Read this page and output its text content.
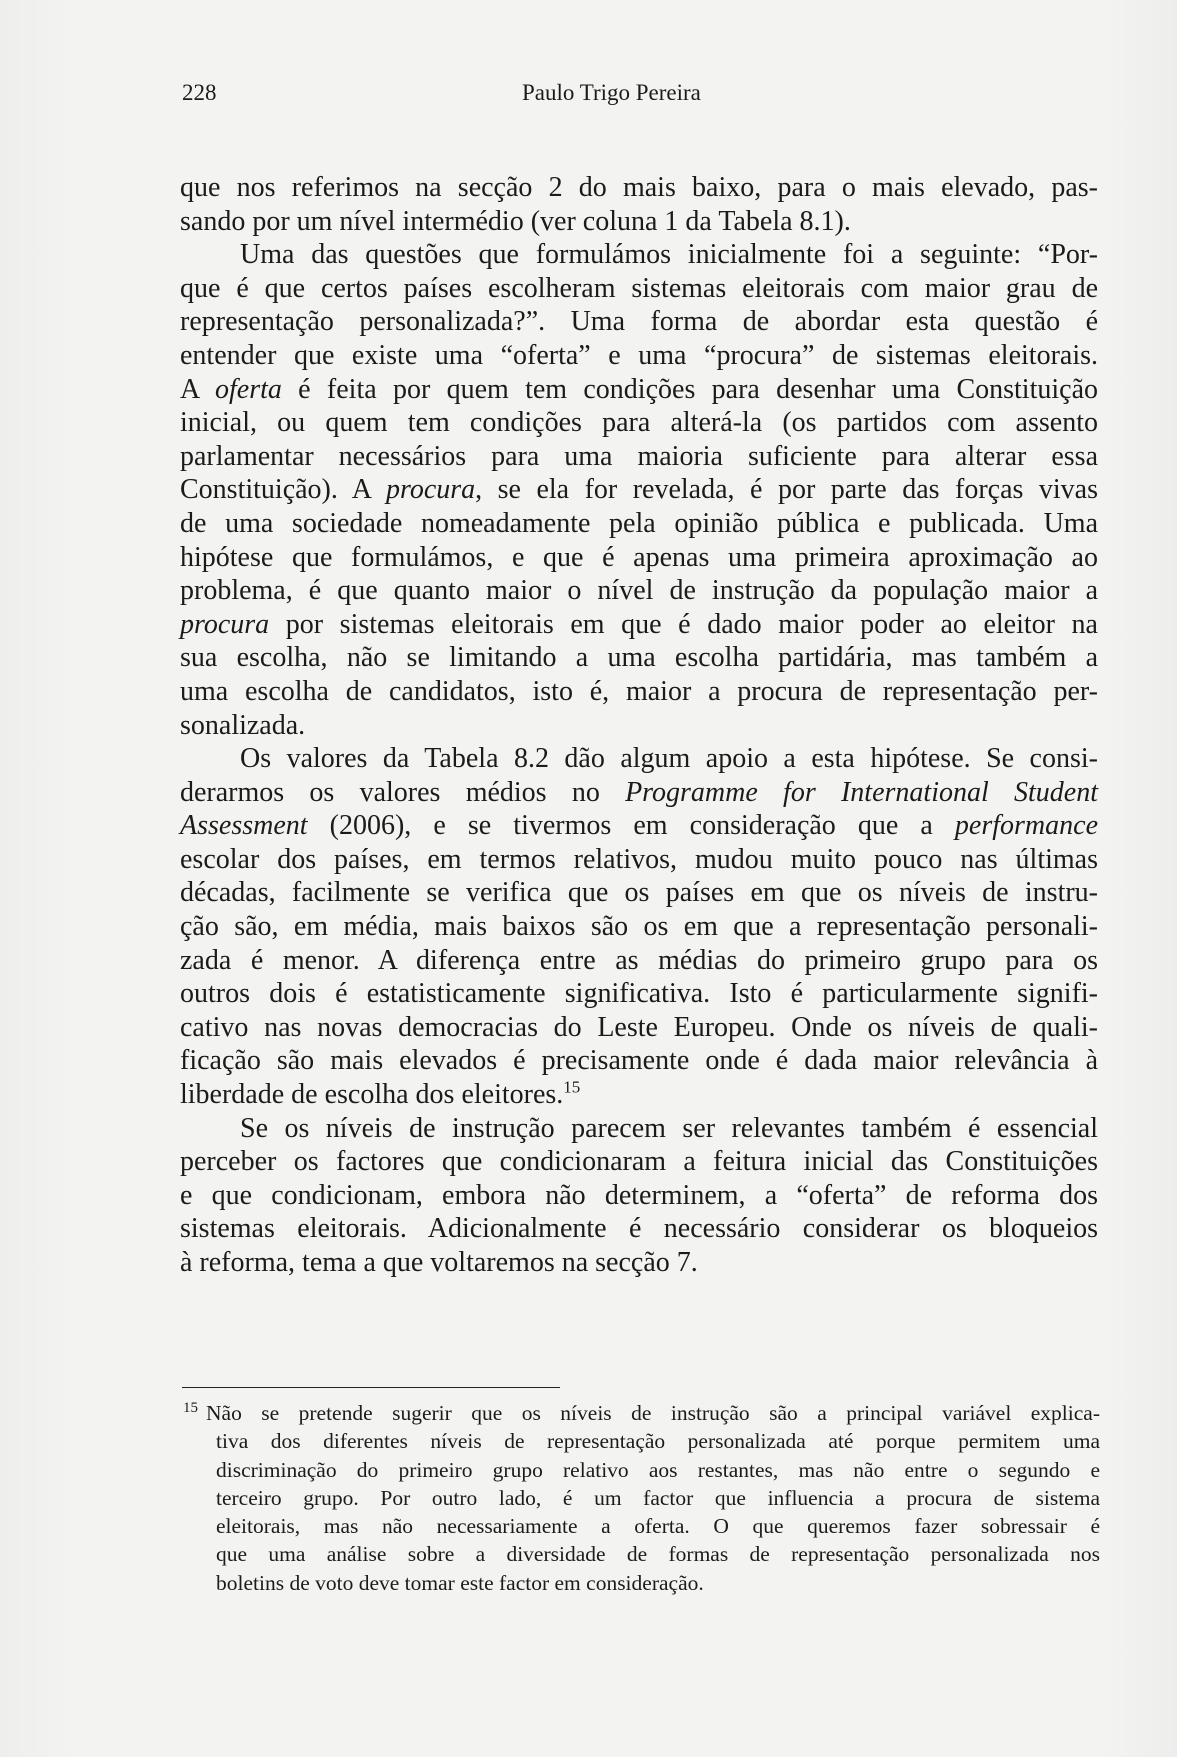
228	Paulo Trigo Pereira
que nos referimos na secção 2 do mais baixo, para o mais elevado, pas-
sando por um nível intermédio (ver coluna 1 da Tabela 8.1).
Uma das questões que formulámos inicialmente foi a seguinte: “Por-
que é que certos países escolheram sistemas eleitorais com maior grau de
representação personalizada?”. Uma forma de abordar esta questão é
entender que existe uma “oferta” e uma “procura” de sistemas eleitorais.
A oferta é feita por quem tem condições para desenhar uma Constituição
inicial, ou quem tem condições para alterá-la (os partidos com assento
parlamentar necessários para uma maioria suficiente para alterar essa
Constituição). A procura, se ela for revelada, é por parte das forças vivas
de uma sociedade nomeadamente pela opinião pública e publicada. Uma
hipótese que formulámos, e que é apenas uma primeira aproximação ao
problema, é que quanto maior o nível de instrução da população maior a
procura por sistemas eleitorais em que é dado maior poder ao eleitor na
sua escolha, não se limitando a uma escolha partidária, mas também a
uma escolha de candidatos, isto é, maior a procura de representação per-
sonalizada.
Os valores da Tabela 8.2 dão algum apoio a esta hipótese. Se consi-
derarmos os valores médios no Programme for International Student
Assessment (2006), e se tivermos em consideração que a performance
escolar dos países, em termos relativos, mudou muito pouco nas últimas
décadas, facilmente se verifica que os países em que os níveis de instru-
ção são, em média, mais baixos são os em que a representação personali-
zada é menor. A diferença entre as médias do primeiro grupo para os
outros dois é estatisticamente significativa. Isto é particularmente signifi-
cativo nas novas democracias do Leste Europeu. Onde os níveis de quali-
ficação são mais elevados é precisamente onde é dada maior relevância à
liberdade de escolha dos eleitores.$^{15}$
Se os níveis de instrução parecem ser relevantes também é essencial
perceber os factores que condicionaram a feitura inicial das Constituições
e que condicionam, embora não determinem, a “oferta” de reforma dos
sistemas eleitorais. Adicionalmente é necessário considerar os bloqueios
à reforma, tema a que voltaremos na secção 7.
$^{15}$ Não se pretende sugerir que os níveis de instrução são a principal variável explica-
tiva dos diferentes níveis de representação personalizada até porque permitem uma
discriminação do primeiro grupo relativo aos restantes, mas não entre o segundo e
terceiro grupo. Por outro lado, é um factor que influencia a procura de sistema
eleitorais, mas não necessariamente a oferta. O que queremos fazer sobressair é
que uma análise sobre a diversidade de formas de representação personalizada nos
boletins de voto deve tomar este factor em consideração.
